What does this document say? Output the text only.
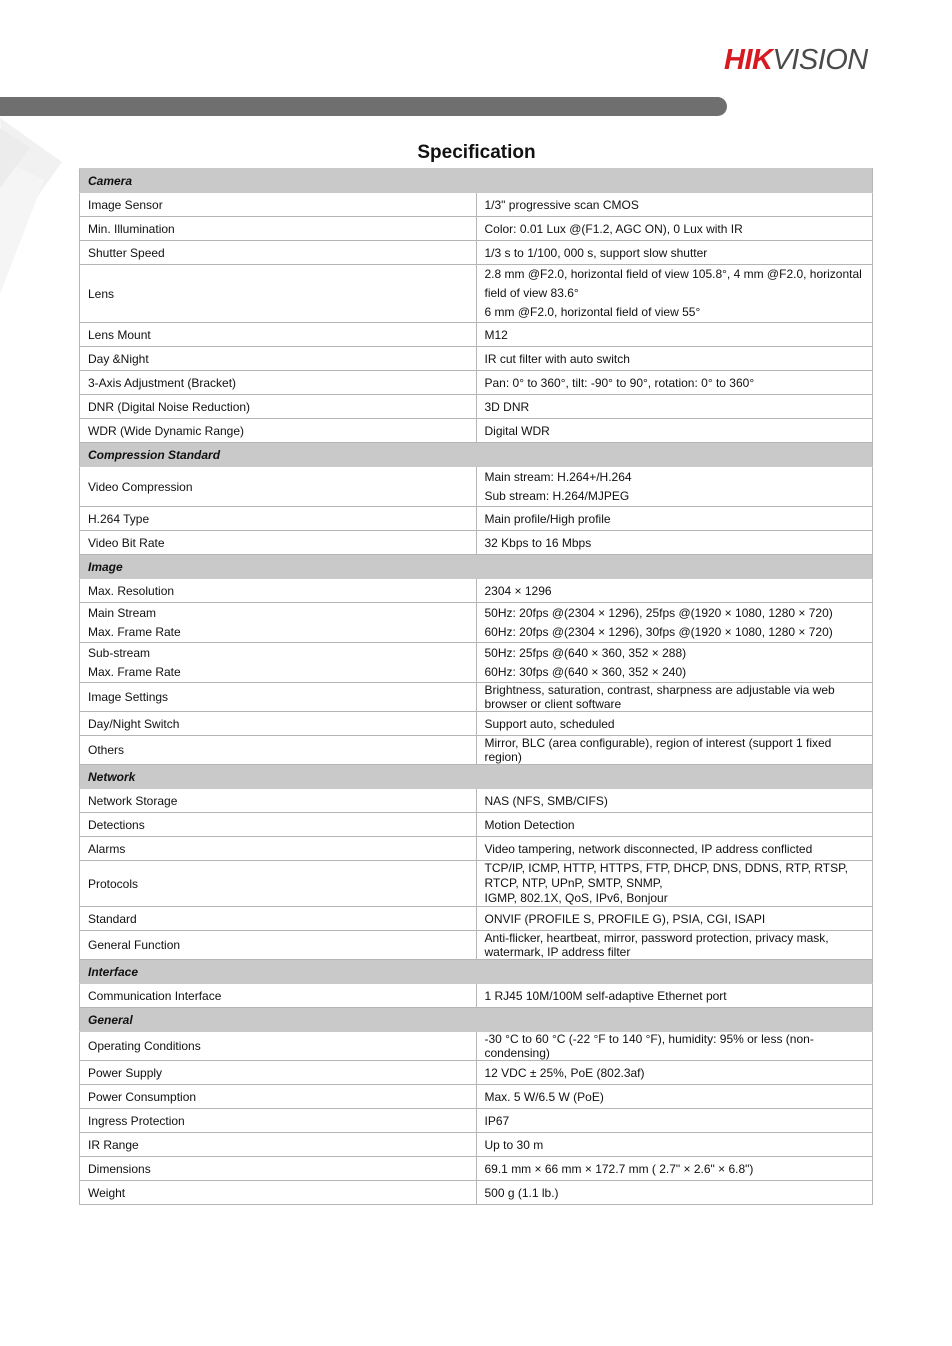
HIKVISION
Specification
Camera	

Image Sensor	1/3" progressive scan CMOS

Min. Illumination	Color: 0.01 Lux @(F1.2, AGC ON), 0 Lux with IR

Shutter Speed	1/3 s to 1/100, 000 s, support slow shutter

Lens	2.8 mm @F2.0, horizontal field of view 105.8°, 4 mm @F2.0, horizontal field of view 83.6°
6 mm @F2.0, horizontal field of view 55°

Lens Mount	M12

Day &Night	IR cut filter with auto switch

3-Axis Adjustment (Bracket)	Pan: 0° to 360°, tilt: -90° to 90°, rotation: 0° to 360°

DNR (Digital Noise Reduction)	3D DNR

WDR (Wide Dynamic Range)	Digital WDR

Compression Standard	

Video Compression	Main stream: H.264+/H.264
Sub stream: H.264/MJPEG

H.264 Type	Main profile/High profile

Video Bit Rate	32 Kbps to 16 Mbps

Image	

Max. Resolution	2304 × 1296

Main Stream
Max. Frame Rate	50Hz: 20fps @(2304 × 1296), 25fps @(1920 × 1080, 1280 × 720)
60Hz: 20fps @(2304 × 1296), 30fps @(1920 × 1080, 1280 × 720)

Sub-stream
Max. Frame Rate	50Hz: 25fps @(640 × 360, 352 × 288)
60Hz: 30fps @(640 × 360, 352 × 240)

Image Settings	Brightness, saturation, contrast, sharpness are adjustable via web browser or client software

Day/Night Switch	Support auto, scheduled

Others	Mirror, BLC (area configurable), region of interest (support 1 fixed region)

Network	

Network Storage	NAS (NFS, SMB/CIFS)

Detections	Motion Detection

Alarms	Video tampering, network disconnected, IP address conflicted

Protocols	TCP/IP, ICMP, HTTP, HTTPS, FTP, DHCP, DNS, DDNS, RTP, RTSP, RTCP, NTP, UPnP, SMTP, SNMP,
IGMP, 802.1X, QoS, IPv6, Bonjour

Standard	ONVIF (PROFILE S, PROFILE G), PSIA, CGI, ISAPI

General Function	Anti-flicker, heartbeat, mirror, password protection, privacy mask, watermark, IP address filter

Interface	

Communication Interface	1 RJ45 10M/100M self-adaptive Ethernet port

General	

Operating Conditions	-30 °C to 60 °C (-22 °F to 140 °F), humidity: 95% or less (non-condensing)

Power Supply	12 VDC ± 25%, PoE (802.3af)

Power Consumption	Max. 5 W/6.5 W (PoE)

Ingress Protection	IP67

IR Range	Up to 30 m

Dimensions	69.1 mm × 66 mm × 172.7 mm ( 2.7" × 2.6" × 6.8")

Weight	500 g (1.1 lb.)
